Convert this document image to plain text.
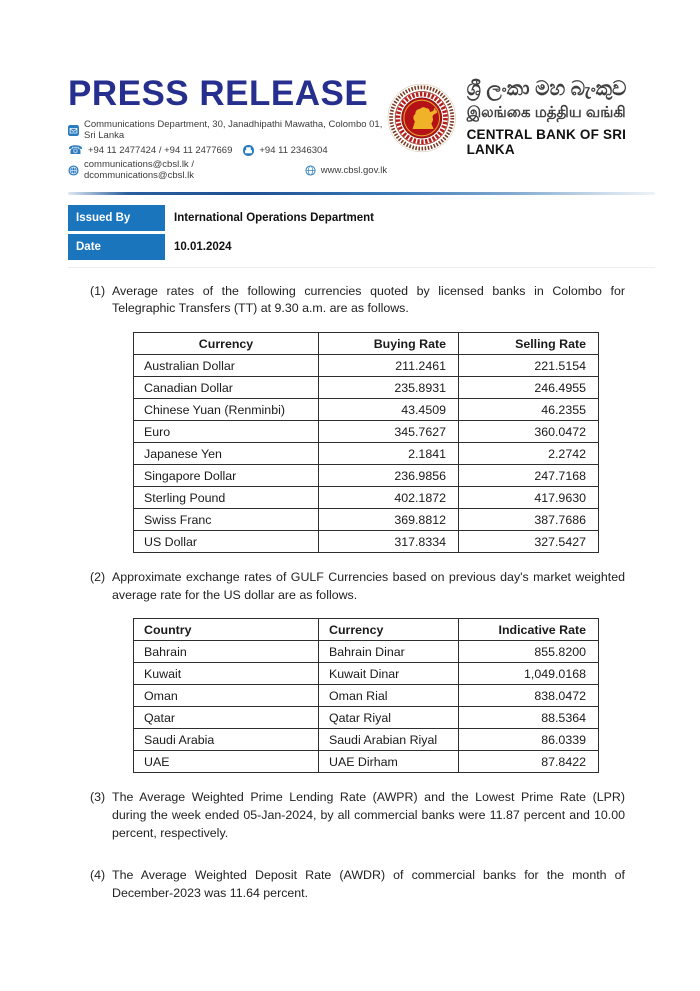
PRESS RELEASE
Communications Department, 30, Janadhipathi Mawatha, Colombo 01, Sri Lanka
☎ +94 11 2477424 / +94 11 2477669	+94 11 2346304
communications@cbsl.lk / dcommunications@cbsl.lk	www.cbsl.gov.lk
ශ්‍රී ලංකා මහ බැංකුව
இலங்கை மத்திய வங்கி
CENTRAL BANK OF SRI LANKA
Issued By	International Operations Department
Date	10.01.2024
(1) Average rates of the following currencies quoted by licensed banks in Colombo for Telegraphic Transfers (TT) at 9.30 a.m. are as follows.
Currency	Buying Rate	Selling Rate
Australian Dollar	211.2461	221.5154
Canadian Dollar	235.8931	246.4955
Chinese Yuan (Renminbi)	43.4509	46.2355
Euro	345.7627	360.0472
Japanese Yen	2.1841	2.2742
Singapore Dollar	236.9856	247.7168
Sterling Pound	402.1872	417.9630
Swiss Franc	369.8812	387.7686
US Dollar	317.8334	327.5427
(2) Approximate exchange rates of GULF Currencies based on previous day's market weighted average rate for the US dollar are as follows.
Country	Currency	Indicative Rate
Bahrain	Bahrain Dinar	855.8200
Kuwait	Kuwait Dinar	1,049.0168
Oman	Oman Rial	838.0472
Qatar	Qatar Riyal	88.5364
Saudi Arabia	Saudi Arabian Riyal	86.0339
UAE	UAE Dirham	87.8422
(3) The Average Weighted Prime Lending Rate (AWPR) and the Lowest Prime Rate (LPR) during the week ended 05-Jan-2024, by all commercial banks were 11.87 percent and 10.00 percent, respectively.
(4) The Average Weighted Deposit Rate (AWDR) of commercial banks for the month of December-2023 was 11.64 percent.
